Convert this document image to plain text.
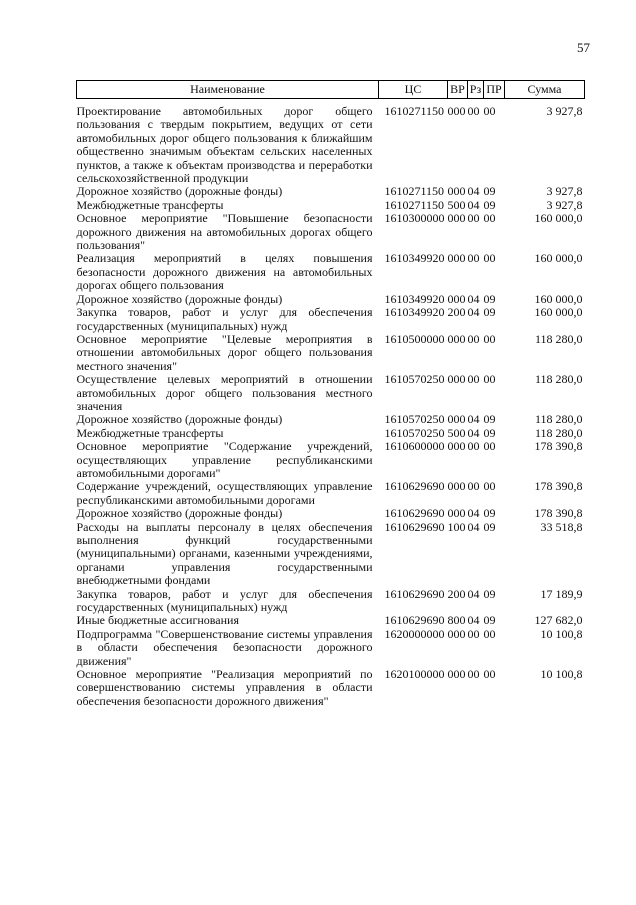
57
Наименование	ЦС	ВР	Рз	ПР	Сумма
Проектирование автомобильных дорог общего пользования с твердым покрытием, ведущих от сети автомобильных дорог общего пользования к ближайшим общественно значимым объектам сельских населенных пунктов, а также к объектам производства и переработки сельскохозяйственной продукции	1610271150	000	00	00	3 927,8
Дорожное хозяйство (дорожные фонды)	1610271150	000	04	09	3 927,8
Межбюджетные трансферты	1610271150	500	04	09	3 927,8
Основное мероприятие "Повышение безопасности дорожного движения на автомобильных дорогах общего пользования"	1610300000	000	00	00	160 000,0
Реализация мероприятий в целях повышения безопасности дорожного движения на автомобильных дорогах общего пользования	1610349920	000	00	00	160 000,0
Дорожное хозяйство (дорожные фонды)	1610349920	000	04	09	160 000,0
Закупка товаров, работ и услуг для обеспечения государственных (муниципальных) нужд	1610349920	200	04	09	160 000,0
Основное мероприятие "Целевые мероприятия в отношении автомобильных дорог общего пользования местного значения"	1610500000	000	00	00	118 280,0
Осуществление целевых мероприятий в отношении автомобильных дорог общего пользования местного значения	1610570250	000	00	00	118 280,0
Дорожное хозяйство (дорожные фонды)	1610570250	000	04	09	118 280,0
Межбюджетные трансферты	1610570250	500	04	09	118 280,0
Основное мероприятие "Содержание учреждений, осуществляющих управление республиканскими автомобильными дорогами"	1610600000	000	00	00	178 390,8
Содержание учреждений, осуществляющих управление республиканскими автомобильными дорогами	1610629690	000	00	00	178 390,8
Дорожное хозяйство (дорожные фонды)	1610629690	000	04	09	178 390,8
Расходы на выплаты персоналу в целях обеспечения выполнения функций государственными (муниципальными) органами, казенными учреждениями, органами управления государственными внебюджетными фондами	1610629690	100	04	09	33 518,8
Закупка товаров, работ и услуг для обеспечения государственных (муниципальных) нужд	1610629690	200	04	09	17 189,9
Иные бюджетные ассигнования	1610629690	800	04	09	127 682,0
Подпрограмма "Совершенствование системы управления в области обеспечения безопасности дорожного движения"	1620000000	000	00	00	10 100,8
Основное мероприятие "Реализация мероприятий по совершенствованию системы управления в области обеспечения безопасности дорожного движения"	1620100000	000	00	00	10 100,8
